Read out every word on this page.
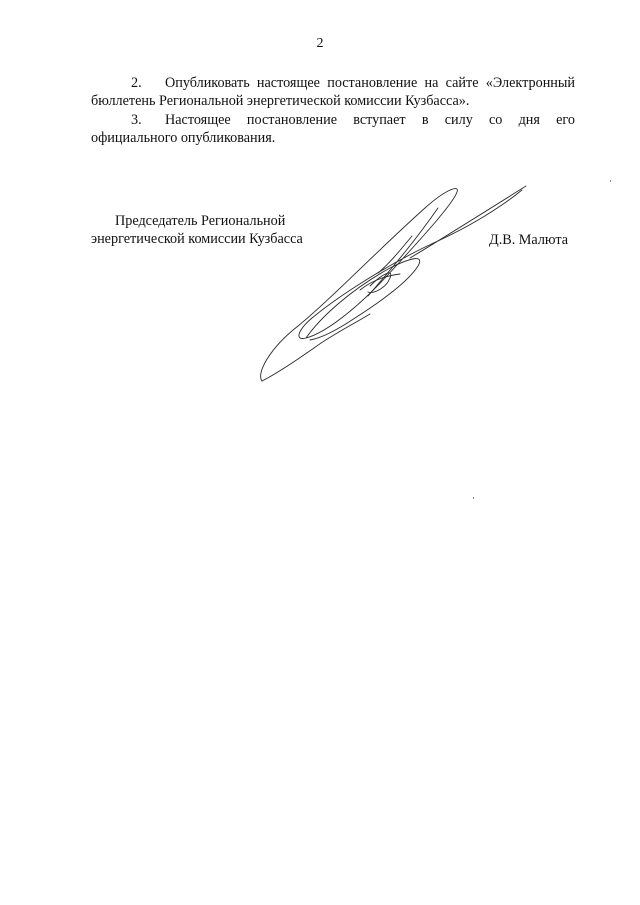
2

2. Опубликовать настоящее постановление на сайте «Электронный бюллетень Региональной энергетической комиссии Кузбасса».

3. Настоящее постановление вступает в силу со дня его официального опубликования.

Председатель Региональной
энергетической комиссии Кузбасса	Д.В. Малюта
